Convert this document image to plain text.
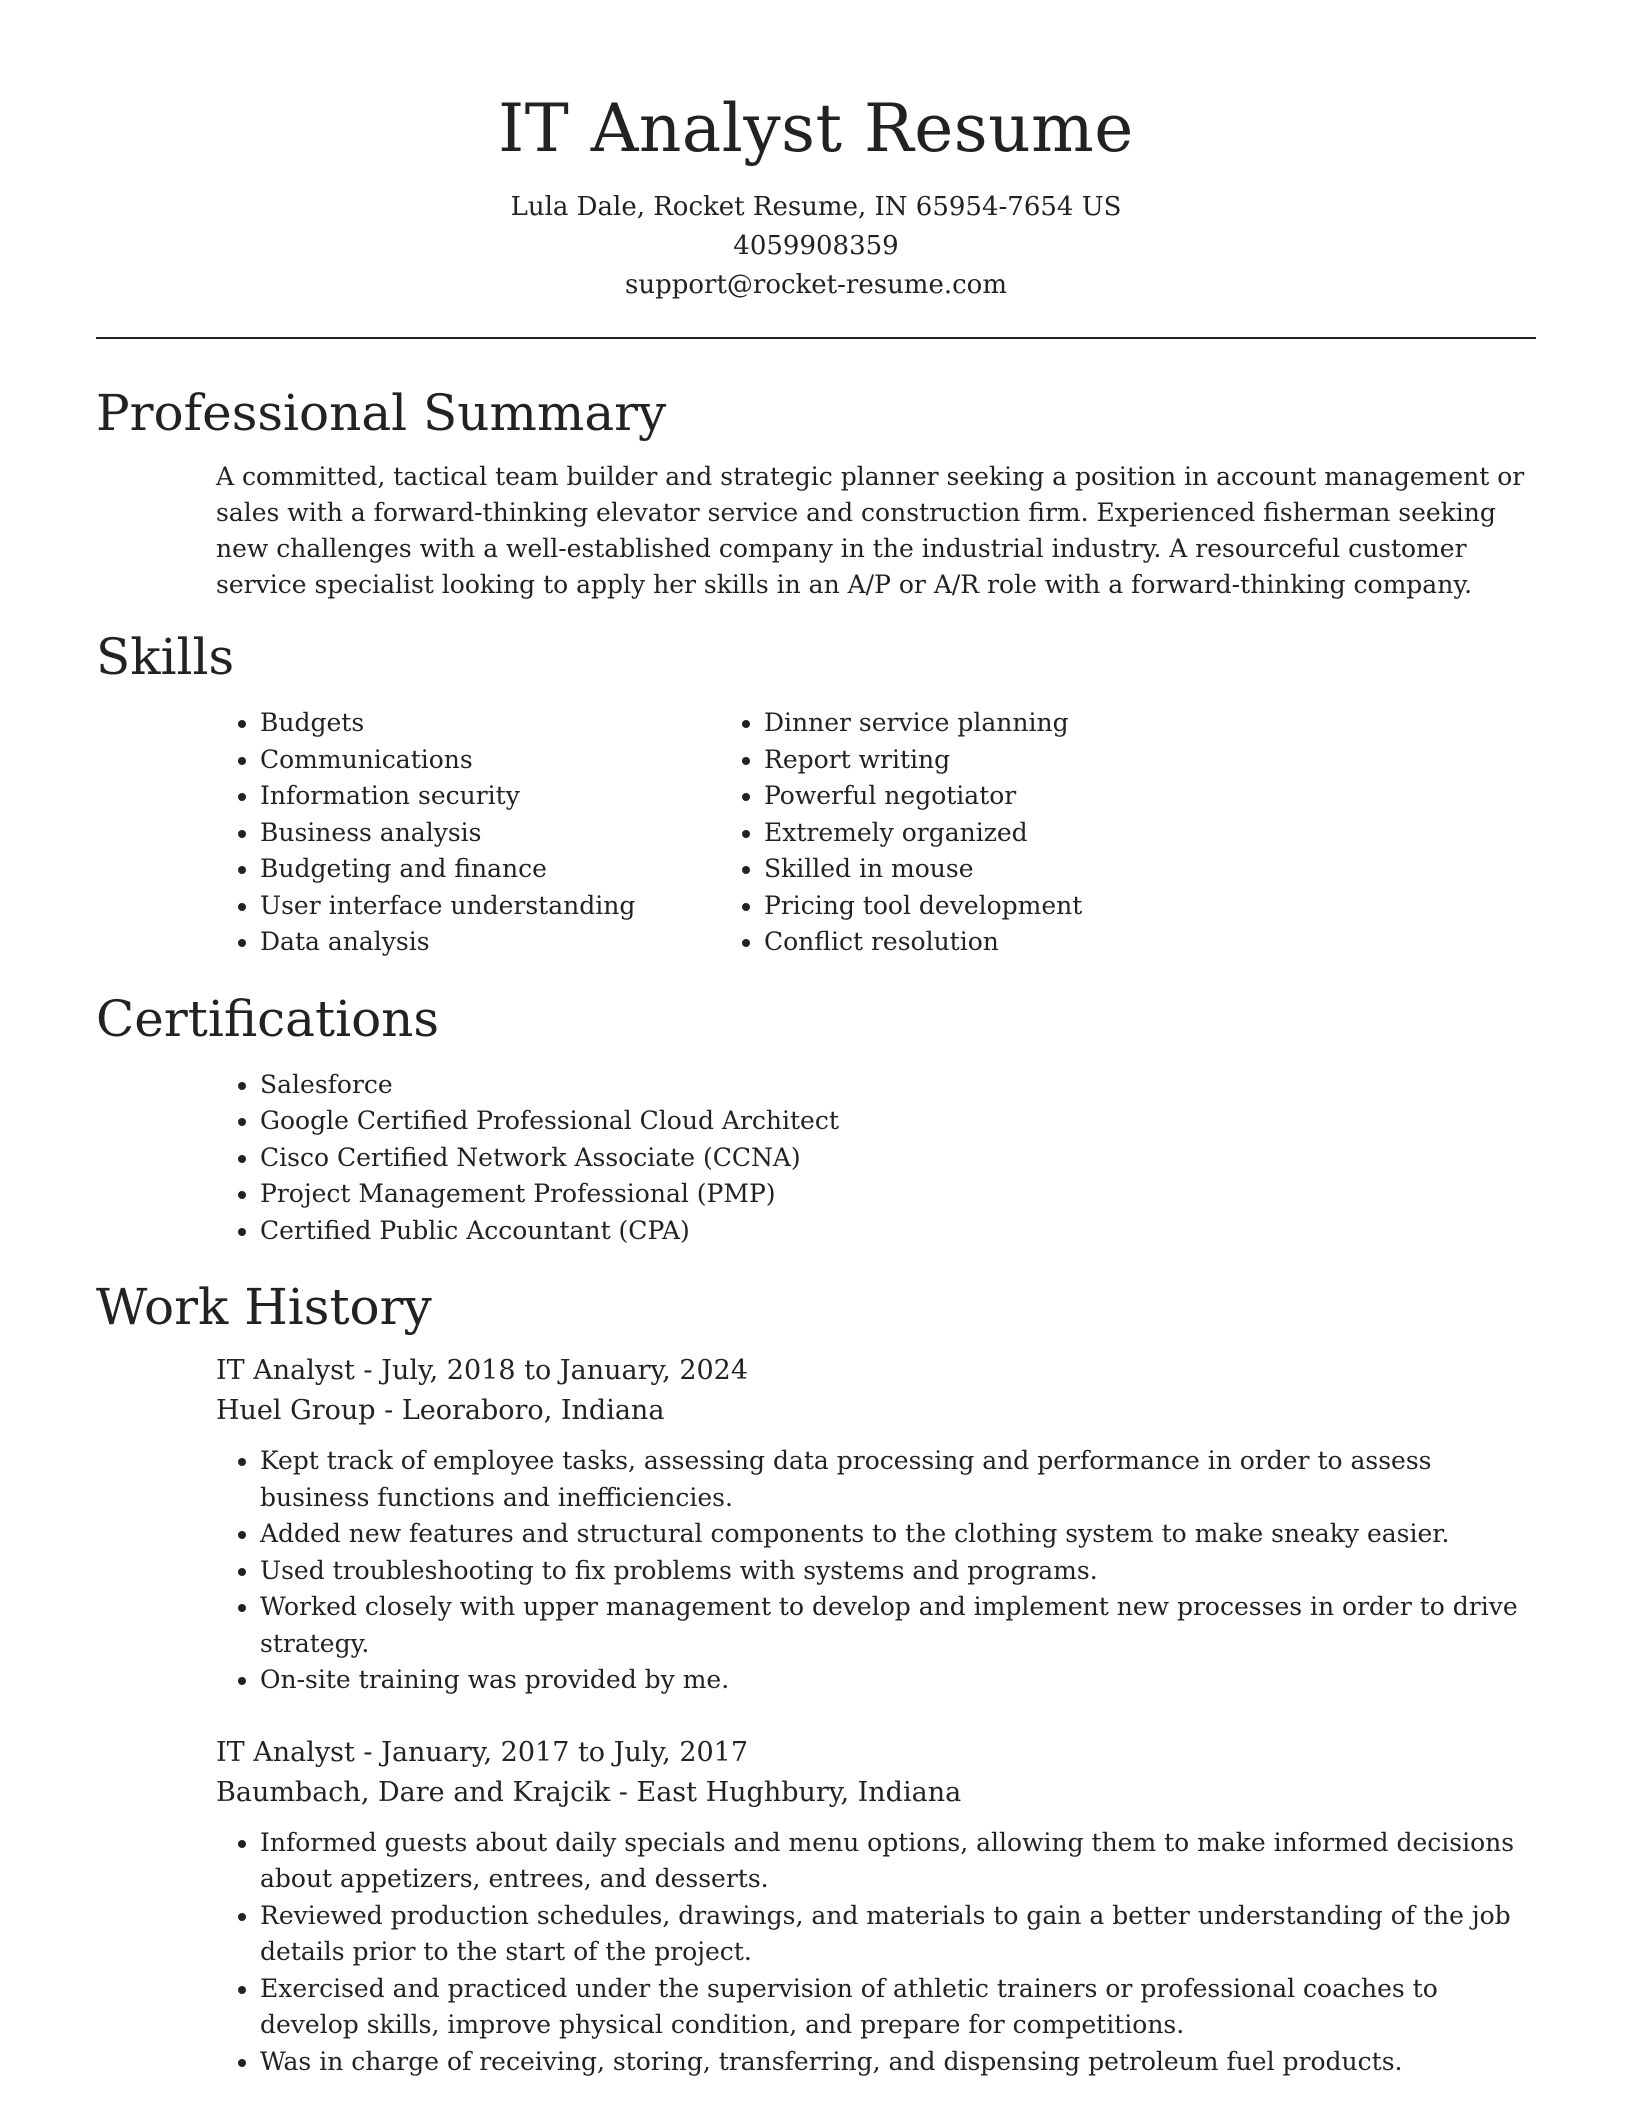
IT Analyst Resume
Lula Dale, Rocket Resume, IN 65954-7654 US
4059908359
support@rocket-resume.com
Professional Summary

A committed, tactical team builder and strategic planner seeking a position in account management or sales with a forward-thinking elevator service and construction firm. Experienced fisherman seeking new challenges with a well-established company in the industrial industry. A resourceful customer service specialist looking to apply her skills in an A/P or A/R role with a forward-thinking company.

Skills
• Budgets
• Communications
• Information security
• Business analysis
• Budgeting and finance
• User interface understanding
• Data analysis
• Dinner service planning
• Report writing
• Powerful negotiator
• Extremely organized
• Skilled in mouse
• Pricing tool development
• Conflict resolution
Certifications
• Salesforce
• Google Certified Professional Cloud Architect
• Cisco Certified Network Associate (CCNA)
• Project Management Professional (PMP)
• Certified Public Accountant (CPA)
Work History
IT Analyst - July, 2018 to January, 2024
Huel Group - Leoraboro, Indiana
• Kept track of employee tasks, assessing data processing and performance in order to assess business functions and inefficiencies.
• Added new features and structural components to the clothing system to make sneaky easier.
• Used troubleshooting to fix problems with systems and programs.
• Worked closely with upper management to develop and implement new processes in order to drive strategy.
• On-site training was provided by me.
IT Analyst - January, 2017 to July, 2017
Baumbach, Dare and Krajcik - East Hughbury, Indiana
• Informed guests about daily specials and menu options, allowing them to make informed decisions about appetizers, entrees, and desserts.
• Reviewed production schedules, drawings, and materials to gain a better understanding of the job details prior to the start of the project.
• Exercised and practiced under the supervision of athletic trainers or professional coaches to develop skills, improve physical condition, and prepare for competitions.
• Was in charge of receiving, storing, transferring, and dispensing petroleum fuel products.
